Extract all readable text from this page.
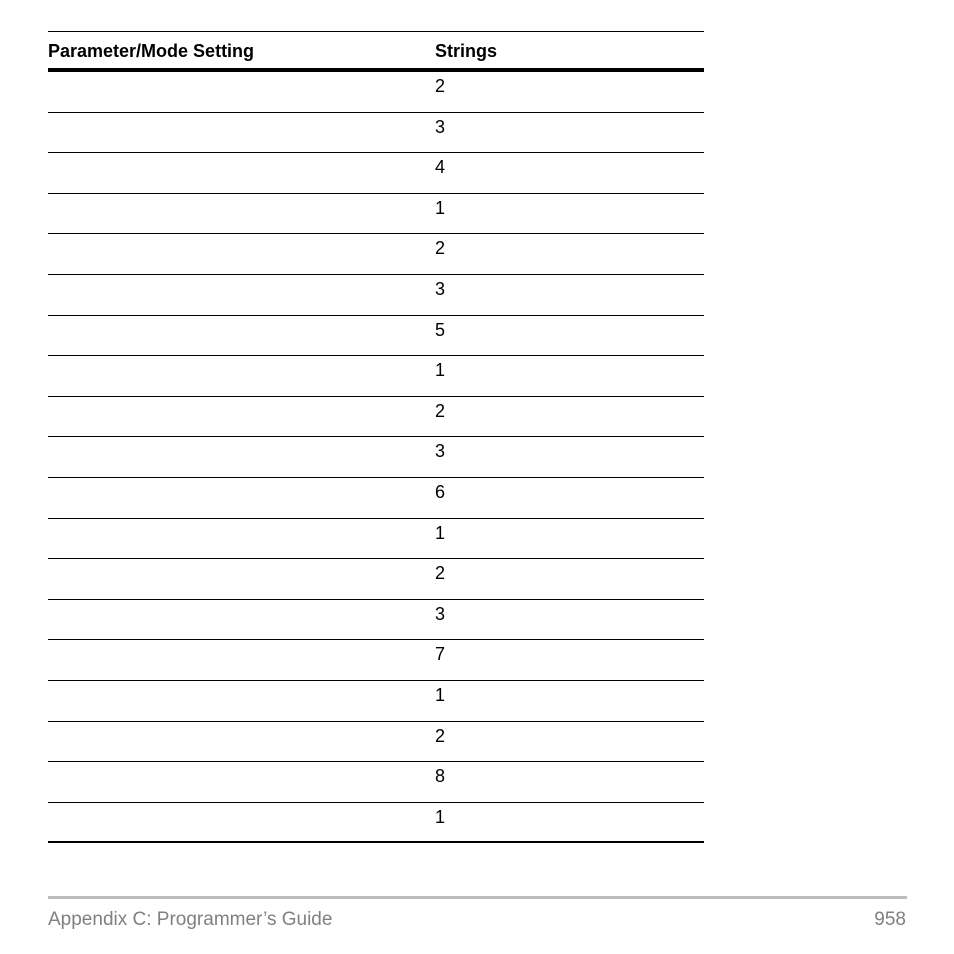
Parameter/Mode Setting	Strings
2
3
4
1
2
3
5
1
2
3
6
1
2
3
7
1
2
8
1
Appendix C: Programmer’s Guide	958
